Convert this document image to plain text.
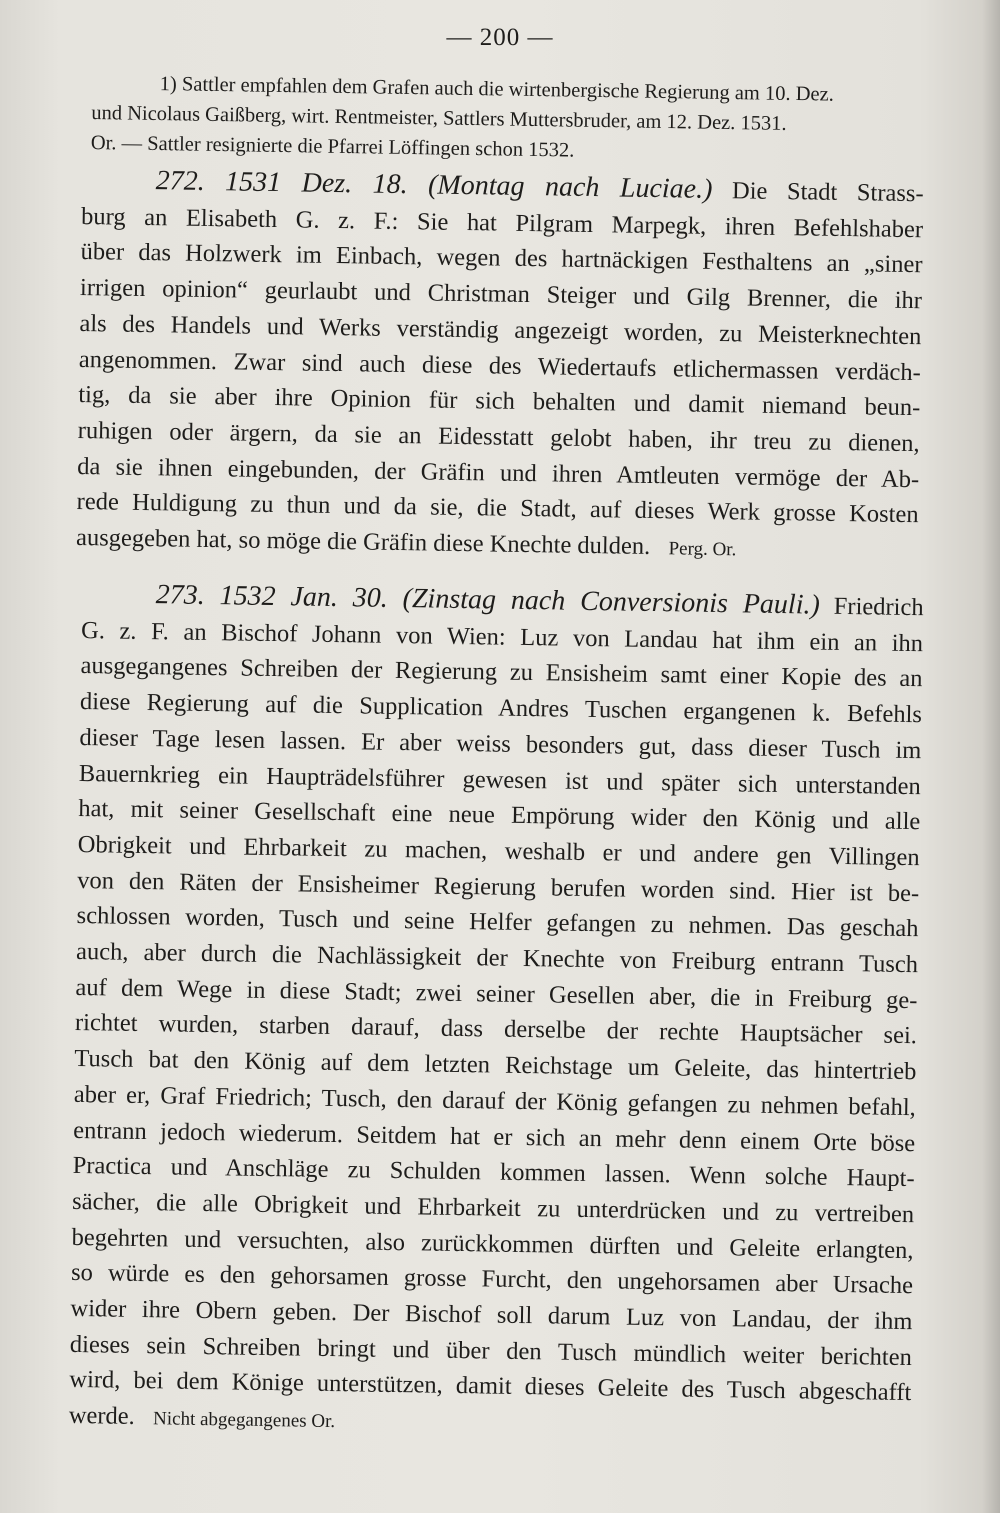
— 200 —
1) Sattler empfahlen dem Grafen auch die wirtenbergische Regierung am 10. Dez.
und Nicolaus Gaißberg, wirt. Rentmeister, Sattlers Muttersbruder, am 12. Dez. 1531.
Or. — Sattler resignierte die Pfarrei Löffingen schon 1532.
272. 1531 Dez. 18. (Montag nach Luciae.) Die Stadt Strass-
burg an Elisabeth G. z. F.: Sie hat Pilgram Marpegk, ihren Befehlshaber
über das Holzwerk im Einbach, wegen des hartnäckigen Festhaltens an „siner
irrigen opinion“ geurlaubt und Christman Steiger und Gilg Brenner, die ihr
als des Handels und Werks verständig angezeigt worden, zu Meisterknechten
angenommen. Zwar sind auch diese des Wiedertaufs etlichermassen verdäch-
tig, da sie aber ihre Opinion für sich behalten und damit niemand beun-
ruhigen oder ärgern, da sie an Eidesstatt gelobt haben, ihr treu zu dienen,
da sie ihnen eingebunden, der Gräfin und ihren Amtleuten vermöge der Ab-
rede Huldigung zu thun und da sie, die Stadt, auf dieses Werk grosse Kosten
ausgegeben hat, so möge die Gräfin diese Knechte dulden. Perg. Or.
273. 1532 Jan. 30. (Zinstag nach Conversionis Pauli.) Friedrich
G. z. F. an Bischof Johann von Wien: Luz von Landau hat ihm ein an ihn
ausgegangenes Schreiben der Regierung zu Ensisheim samt einer Kopie des an
diese Regierung auf die Supplication Andres Tuschen ergangenen k. Befehls
dieser Tage lesen lassen. Er aber weiss besonders gut, dass dieser Tusch im
Bauernkrieg ein Haupträdelsführer gewesen ist und später sich unterstanden
hat, mit seiner Gesellschaft eine neue Empörung wider den König und alle
Obrigkeit und Ehrbarkeit zu machen, weshalb er und andere gen Villingen
von den Räten der Ensisheimer Regierung berufen worden sind. Hier ist be-
schlossen worden, Tusch und seine Helfer gefangen zu nehmen. Das geschah
auch, aber durch die Nachlässigkeit der Knechte von Freiburg entrann Tusch
auf dem Wege in diese Stadt; zwei seiner Gesellen aber, die in Freiburg ge-
richtet wurden, starben darauf, dass derselbe der rechte Hauptsächer sei.
Tusch bat den König auf dem letzten Reichstage um Geleite, das hintertrieb
aber er, Graf Friedrich; Tusch, den darauf der König gefangen zu nehmen befahl,
entrann jedoch wiederum. Seitdem hat er sich an mehr denn einem Orte böse
Practica und Anschläge zu Schulden kommen lassen. Wenn solche Haupt-
sächer, die alle Obrigkeit und Ehrbarkeit zu unterdrücken und zu vertreiben
begehrten und versuchten, also zurückkommen dürften und Geleite erlangten,
so würde es den gehorsamen grosse Furcht, den ungehorsamen aber Ursache
wider ihre Obern geben. Der Bischof soll darum Luz von Landau, der ihm
dieses sein Schreiben bringt und über den Tusch mündlich weiter berichten
wird, bei dem Könige unterstützen, damit dieses Geleite des Tusch abgeschafft
werde. Nicht abgegangenes Or.
